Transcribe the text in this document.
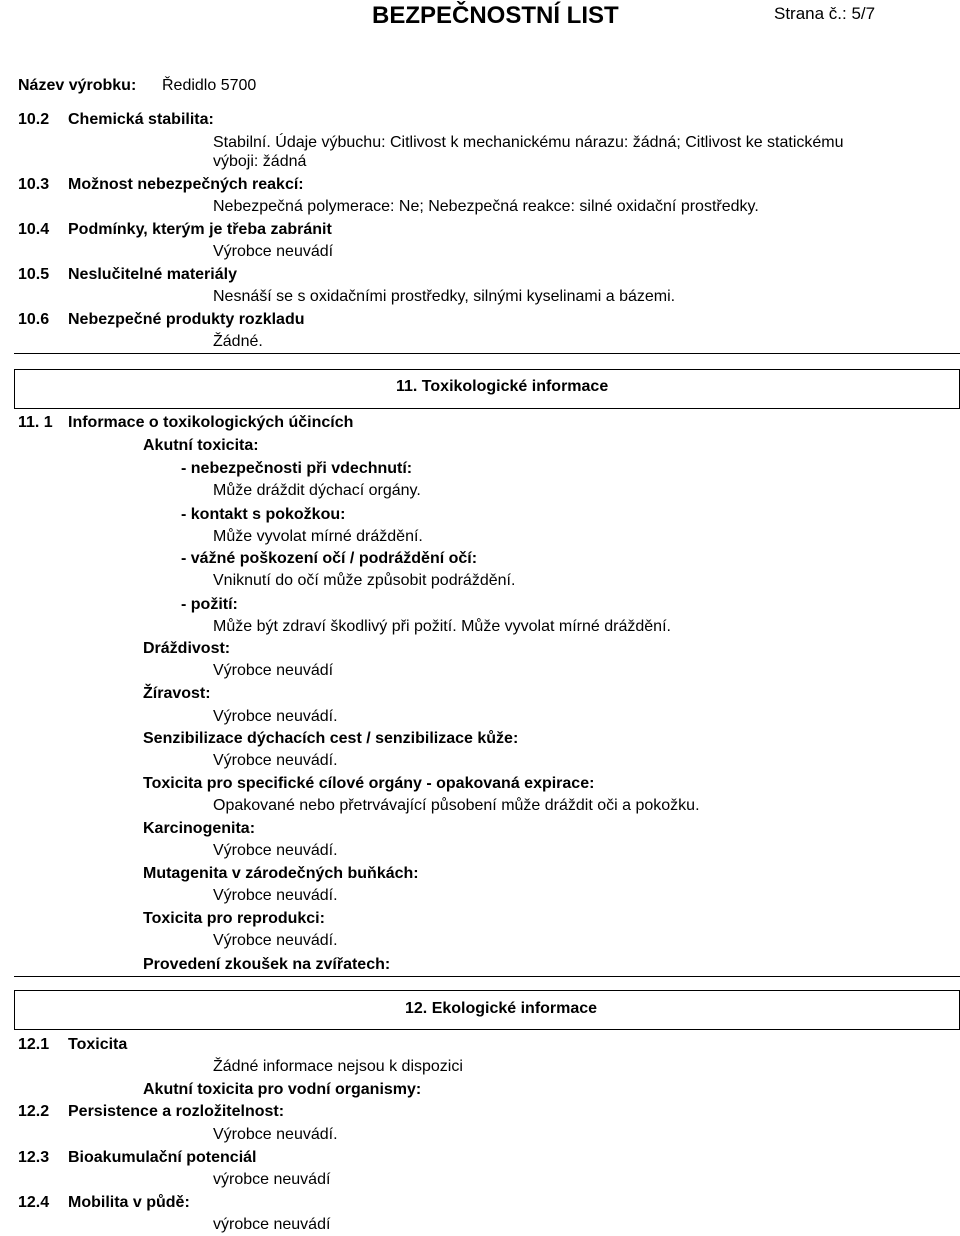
BEZPEČNOSTNÍ LIST	Strana č.: 5/7
Název výrobku: Ředidlo 5700
10.2 Chemická stabilita:
Stabilní. Údaje výbuchu: Citlivost k mechanickému nárazu: žádná; Citlivost ke statickému
výboji: žádná
10.3 Možnost nebezpečných reakcí:
Nebezpečná polymerace: Ne; Nebezpečná reakce: silné oxidační prostředky.
10.4 Podmínky, kterým je třeba zabránit
Výrobce neuvádí
10.5 Neslučitelné materiály
Nesnáší se s oxidačními prostředky, silnými kyselinami a bázemi.
10.6 Nebezpečné produkty rozkladu
Žádné.
11. Toxikologické informace
11. 1 Informace o toxikologických účincích
Akutní toxicita:
- nebezpečnosti při vdechnutí:
Může dráždit dýchací orgány.
- kontakt s pokožkou:
Může vyvolat mírné dráždění.
- vážné poškození očí / podráždění očí:
Vniknutí do očí může způsobit podráždění.
- požití:
Může být zdraví škodlivý při požití. Může vyvolat mírné dráždění.
Dráždivost:
Výrobce neuvádí
Žíravost:
Výrobce neuvádí.
Senzibilizace dýchacích cest / senzibilizace kůže:
Výrobce neuvádí.
Toxicita pro specifické cílové orgány - opakovaná expirace:
Opakované nebo přetrvávající působení může dráždit oči a pokožku.
Karcinogenita:
Výrobce neuvádí.
Mutagenita v zárodečných buňkách:
Výrobce neuvádí.
Toxicita pro reprodukci:
Výrobce neuvádí.
Provedení zkoušek na zvířatech:
12. Ekologické informace
12.1 Toxicita
Žádné informace nejsou k dispozici
Akutní toxicita pro vodní organismy:
12.2 Persistence a rozložitelnost:
Výrobce neuvádí.
12.3 Bioakumulační potenciál
výrobce neuvádí
12.4 Mobilita v půdě:
výrobce neuvádí
